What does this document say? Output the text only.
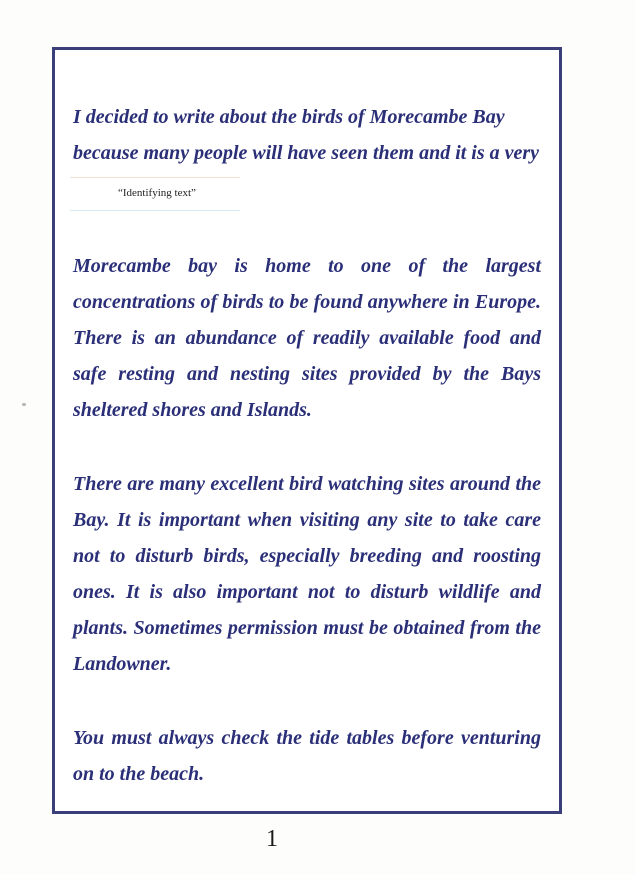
I decided to write about the birds of Morecambe Bay
because many people will have seen them and it is a very

“Identifying text”

Morecambe bay is home to one of the largest
concentrations of birds to be found anywhere in Europe.
There is an abundance of readily available food and
safe resting and nesting sites provided by the Bays
sheltered shores and Islands.

There are many excellent bird watching sites around the
Bay. It is important when visiting any site to take care
not to disturb birds, especially breeding and roosting
ones. It is also important not to disturb wildlife and
plants. Sometimes permission must be obtained from the
Landowner.

You must always check the tide tables before venturing
on to the beach.

1
